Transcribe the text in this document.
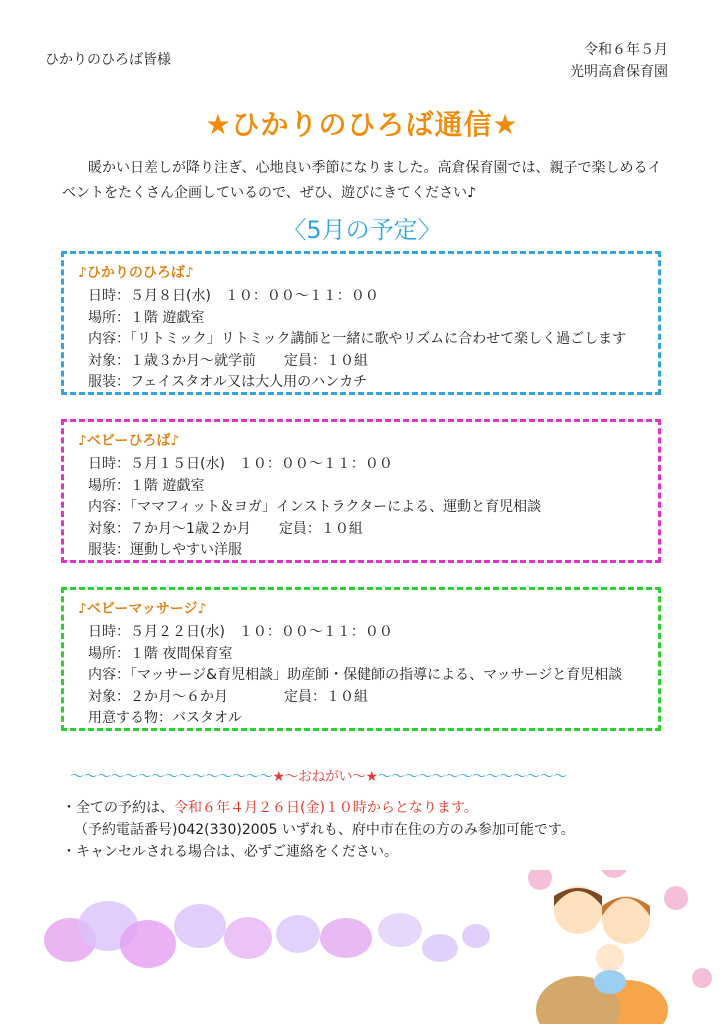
ひかりのひろば皆様
令和６年５月
光明高倉保育園
★ひかりのひろば通信★
暖かい日差しが降り注ぎ、心地良い季節になりました。高倉保育園では、親子で楽しめるイベントをたくさん企画しているので、ぜひ、遊びにきてください♪
〈5月の予定〉
♪ひかりのひろば♪
日時：５月８日(水)　１０：００～１１：００
場所：１階 遊戯室
内容：「リトミック」リトミック講師と一緒に歌やリズムに合わせて楽しく過ごします
対象：１歳３か月～就学前　　定員：１０組
服装：フェイスタオル又は大人用のハンカチ
♪ベビーひろば♪
日時：５月１５日(水)　１０：００～１１：００
場所：１階 遊戯室
内容：「ママフィット＆ヨガ」インストラクターによる、運動と育児相談
対象：７か月～1歳２か月　　定員：１０組
服装：運動しやすい洋服
♪ベビーマッサージ♪
日時：５月２２日(水)　１０：００～１１：００
場所：１階 夜間保育室
内容：「マッサージ&育児相談」助産師・保健師の指導による、マッサージと育児相談
対象：２か月～６か月　　　　定員：１０組
用意する物：バスタオル
～～～～～～～～～～～～～～～★～おねがい～★～～～～～～～～～～～～～～
・全ての予約は、令和６年４月２６日(金)１０時からとなります。
（予約電話番号)042(330)2005 いずれも、府中市在住の方のみ参加可能です。
・キャンセルされる場合は、必ずご連絡をください。
